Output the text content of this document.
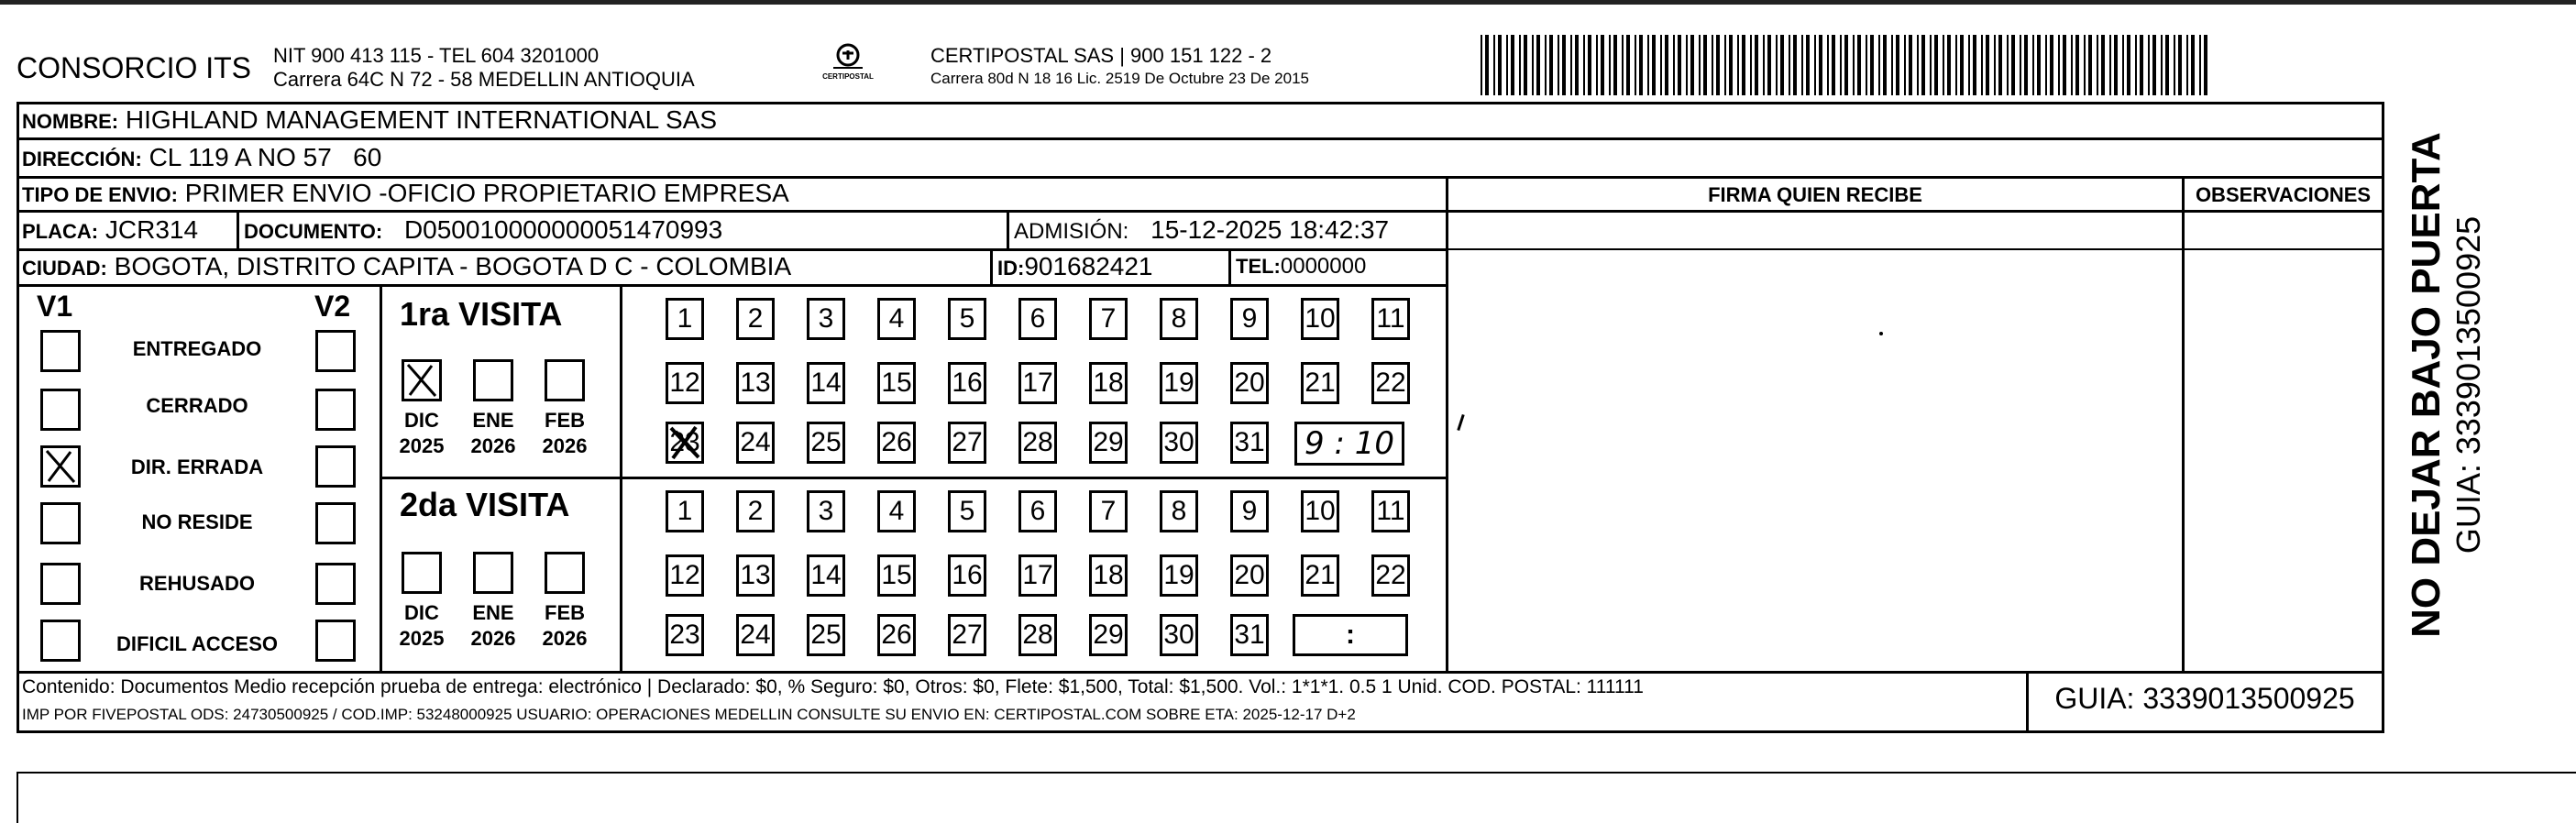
CONSORCIO ITS NIT 900 413 115 - TEL 604 3201000
Carrera 64C N 72 - 58 MEDELLIN ANTIOQUIA	CERTIPOSTAL
CERTIPOSTAL SAS | 900 151 122 - 2
Carrera 80d N 18 16 Lic. 2519 De Octubre 23 De 2015
NOMBRE: HIGHLAND MANAGEMENT INTERNATIONAL SAS
DIRECCIÓN: CL 119 A NO 57   60
TIPO DE ENVIO: PRIMER ENVIO -OFICIO PROPIETARIO EMPRESA
PLACA: JCR314 DOCUMENTO: D050010000000051470993	ADMISIÓN: 15-12-2025 18:42:37
CIUDAD: BOGOTA, DISTRITO CAPITA - BOGOTA D C - COLOMBIA	ID:901682421	TEL:0000000
FIRMA QUIEN RECIBE	OBSERVACIONES
V1	V2
ENTREGADO
CERRADO
DIR. ERRADA
NO RESIDE
REHUSADO
DIFICIL ACCESO
1ra VISITA
DIC	ENE	FEB
2025 2026 2026
2da VISITA
DIC	ENE	FEB
2025 2026 2026
1	2	3	4	5	6	7	8	9	10 11
12 13 14 15 16 17 18 19 20 21 22
23 24 25 26 27 28 29 30 31
1	2	3	4	5	6	7	8	9	10 11
12 13 14 15 16 17 18 19 20 21 22
23 24 25 26 27 28 29 30 31
9 : 10
:
Contenido: Documentos Medio recepción prueba de entrega: electrónico | Declarado: $0, % Seguro: $0, Otros: $0, Flete: $1,500, Total: $1,500. Vol.: 1*1*1. 0.5 1 Unid. COD. POSTAL: 111111
IMP POR FIVEPOSTAL ODS: 24730500925 / COD.IMP: 53248000925 USUARIO: OPERACIONES MEDELLIN CONSULTE SU ENVIO EN: CERTIPOSTAL.COM SOBRE ETA: 2025-12-17 D+2	GUIA: 3339013500925
NO DEJAR BAJO PUERTA GUIA: 3339013500925
